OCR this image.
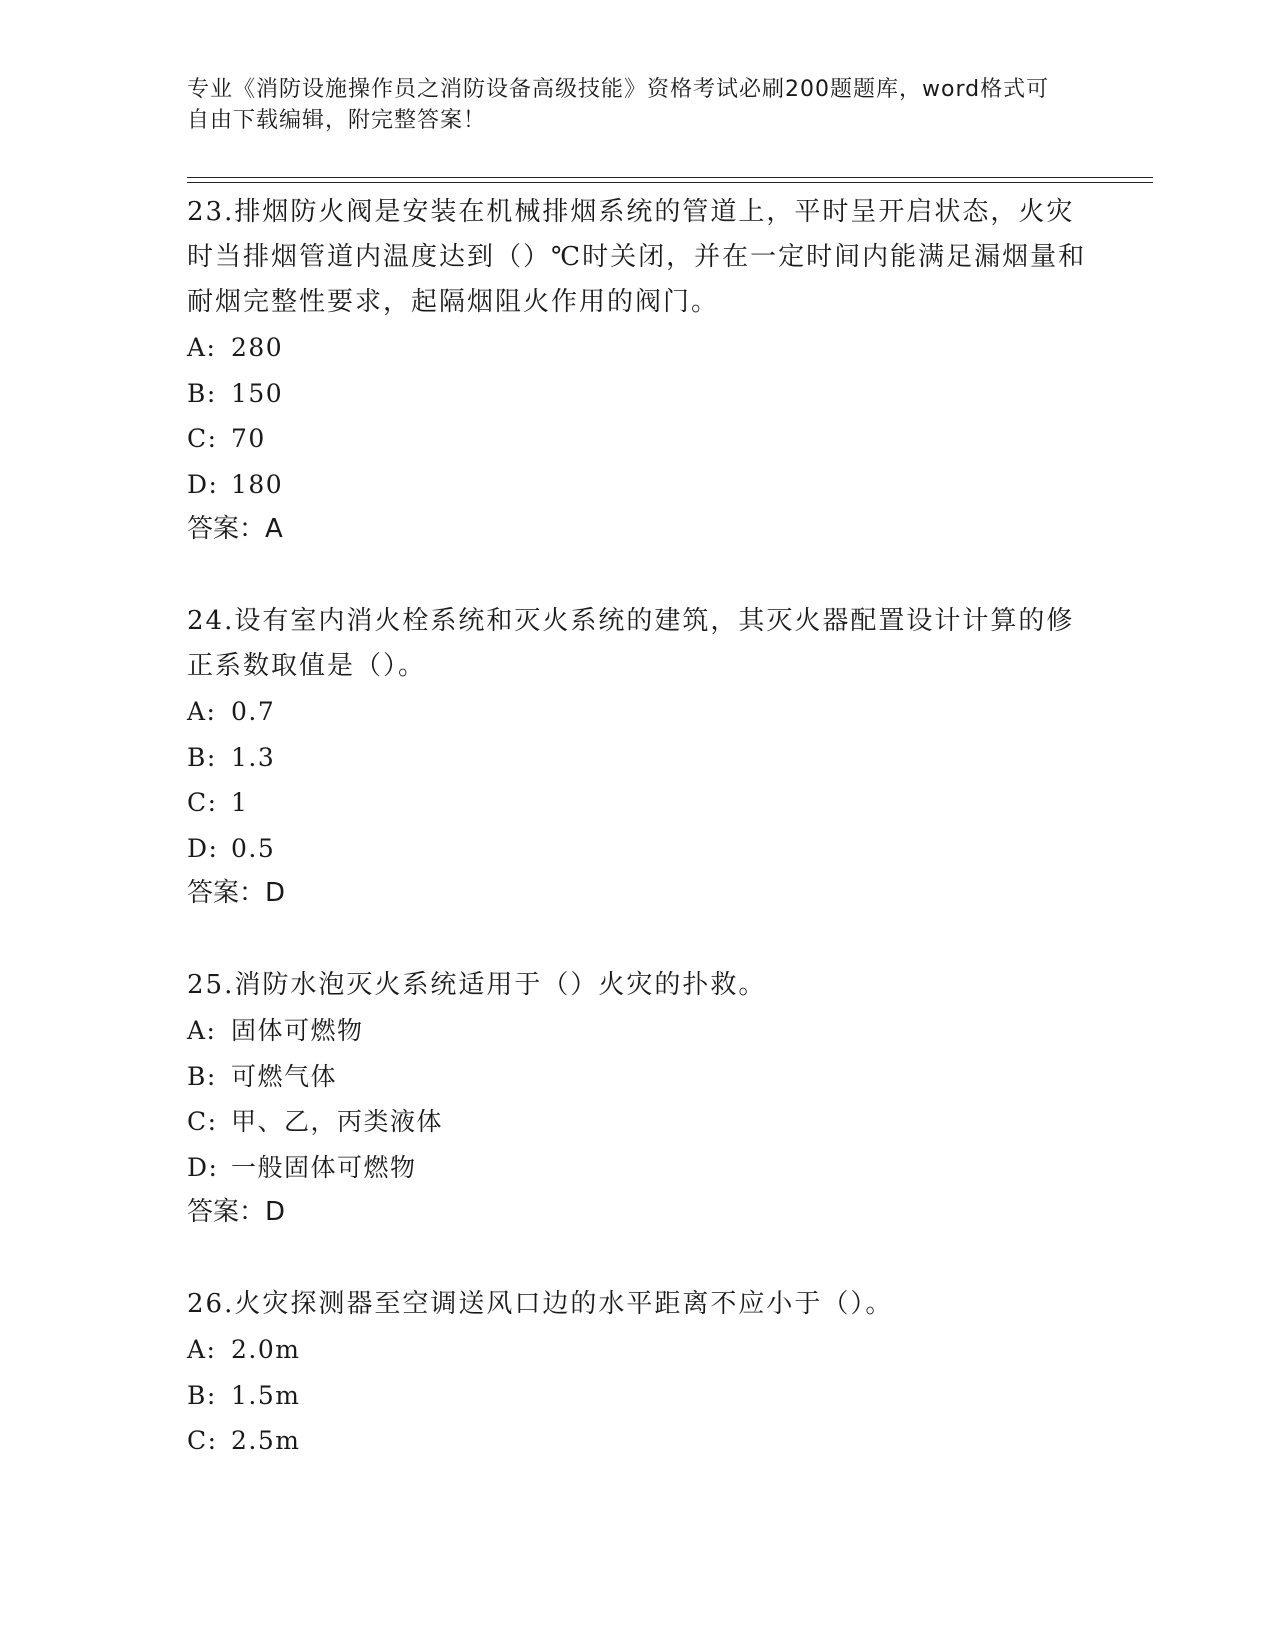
专业《消防设施操作员之消防设备高级技能》资格考试必刷200题题库，word格式可自由下载编辑，附完整答案！

23.排烟防火阀是安装在机械排烟系统的管道上，平时呈开启状态，火灾时当排烟管道内温度达到（）℃时关闭，并在一定时间内能满足漏烟量和耐烟完整性要求，起隔烟阻火作用的阀门。

A: 280

B: 150

C: 70

D: 180

答案：A

24.设有室内消火栓系统和灭火系统的建筑，其灭火器配置设计计算的修正系数取值是（）。

A: 0.7

B: 1.3

C: 1

D: 0.5

答案：D

25.消防水泡灭火系统适用于（）火灾的扑救。

A: 固体可燃物

B: 可燃气体

C: 甲、乙，丙类液体

D: 一般固体可燃物

答案：D

26.火灾探测器至空调送风口边的水平距离不应小于（）。

A: 2.0m

B: 1.5m

C: 2.5m
